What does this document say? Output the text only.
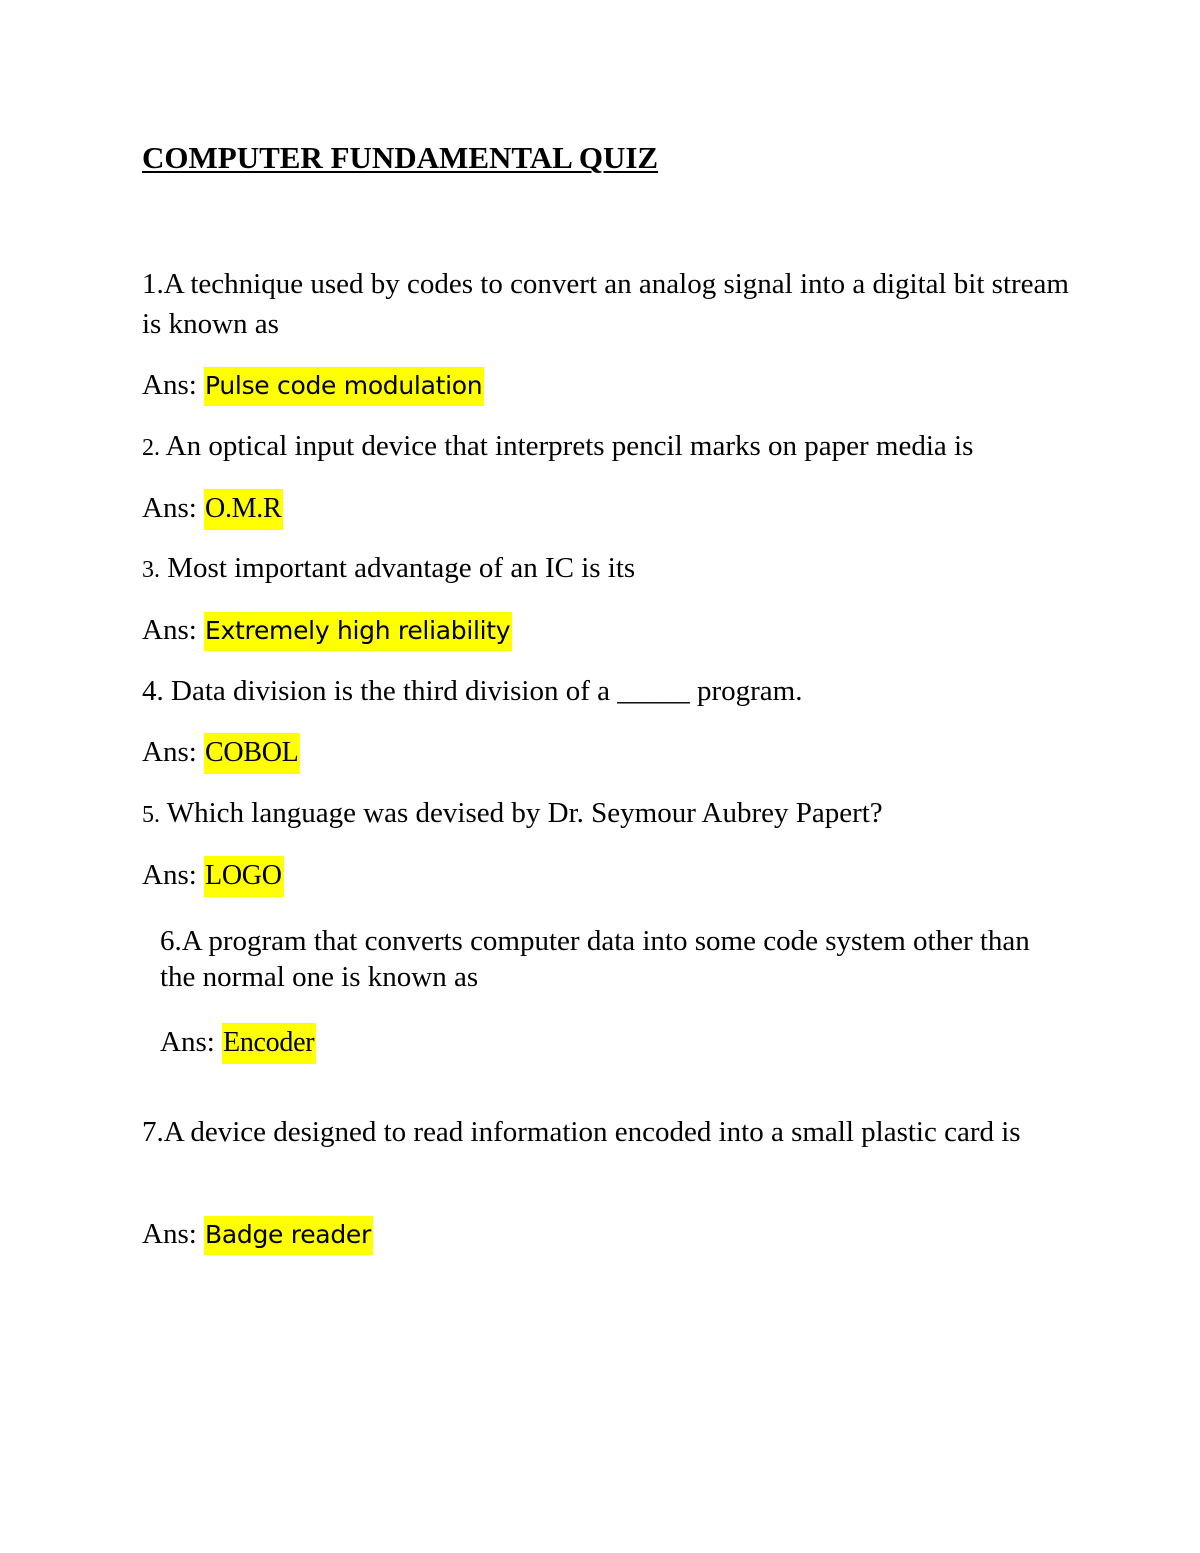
COMPUTER FUNDAMENTAL QUIZ

1.A technique used by codes to convert an analog signal into a digital bit stream is known as

Ans: Pulse code modulation

2. An optical input device that interprets pencil marks on paper media is

Ans: O.M.R

3. Most important advantage of an IC is its

Ans: Extremely high reliability

4. Data division is the third division of a _____ program.

Ans: COBOL

5. Which language was devised by Dr. Seymour Aubrey Papert?

Ans: LOGO

6.A program that converts computer data into some code system other than the normal one is known as

Ans: Encoder

7.A device designed to read information encoded into a small plastic card is

Ans: Badge reader
